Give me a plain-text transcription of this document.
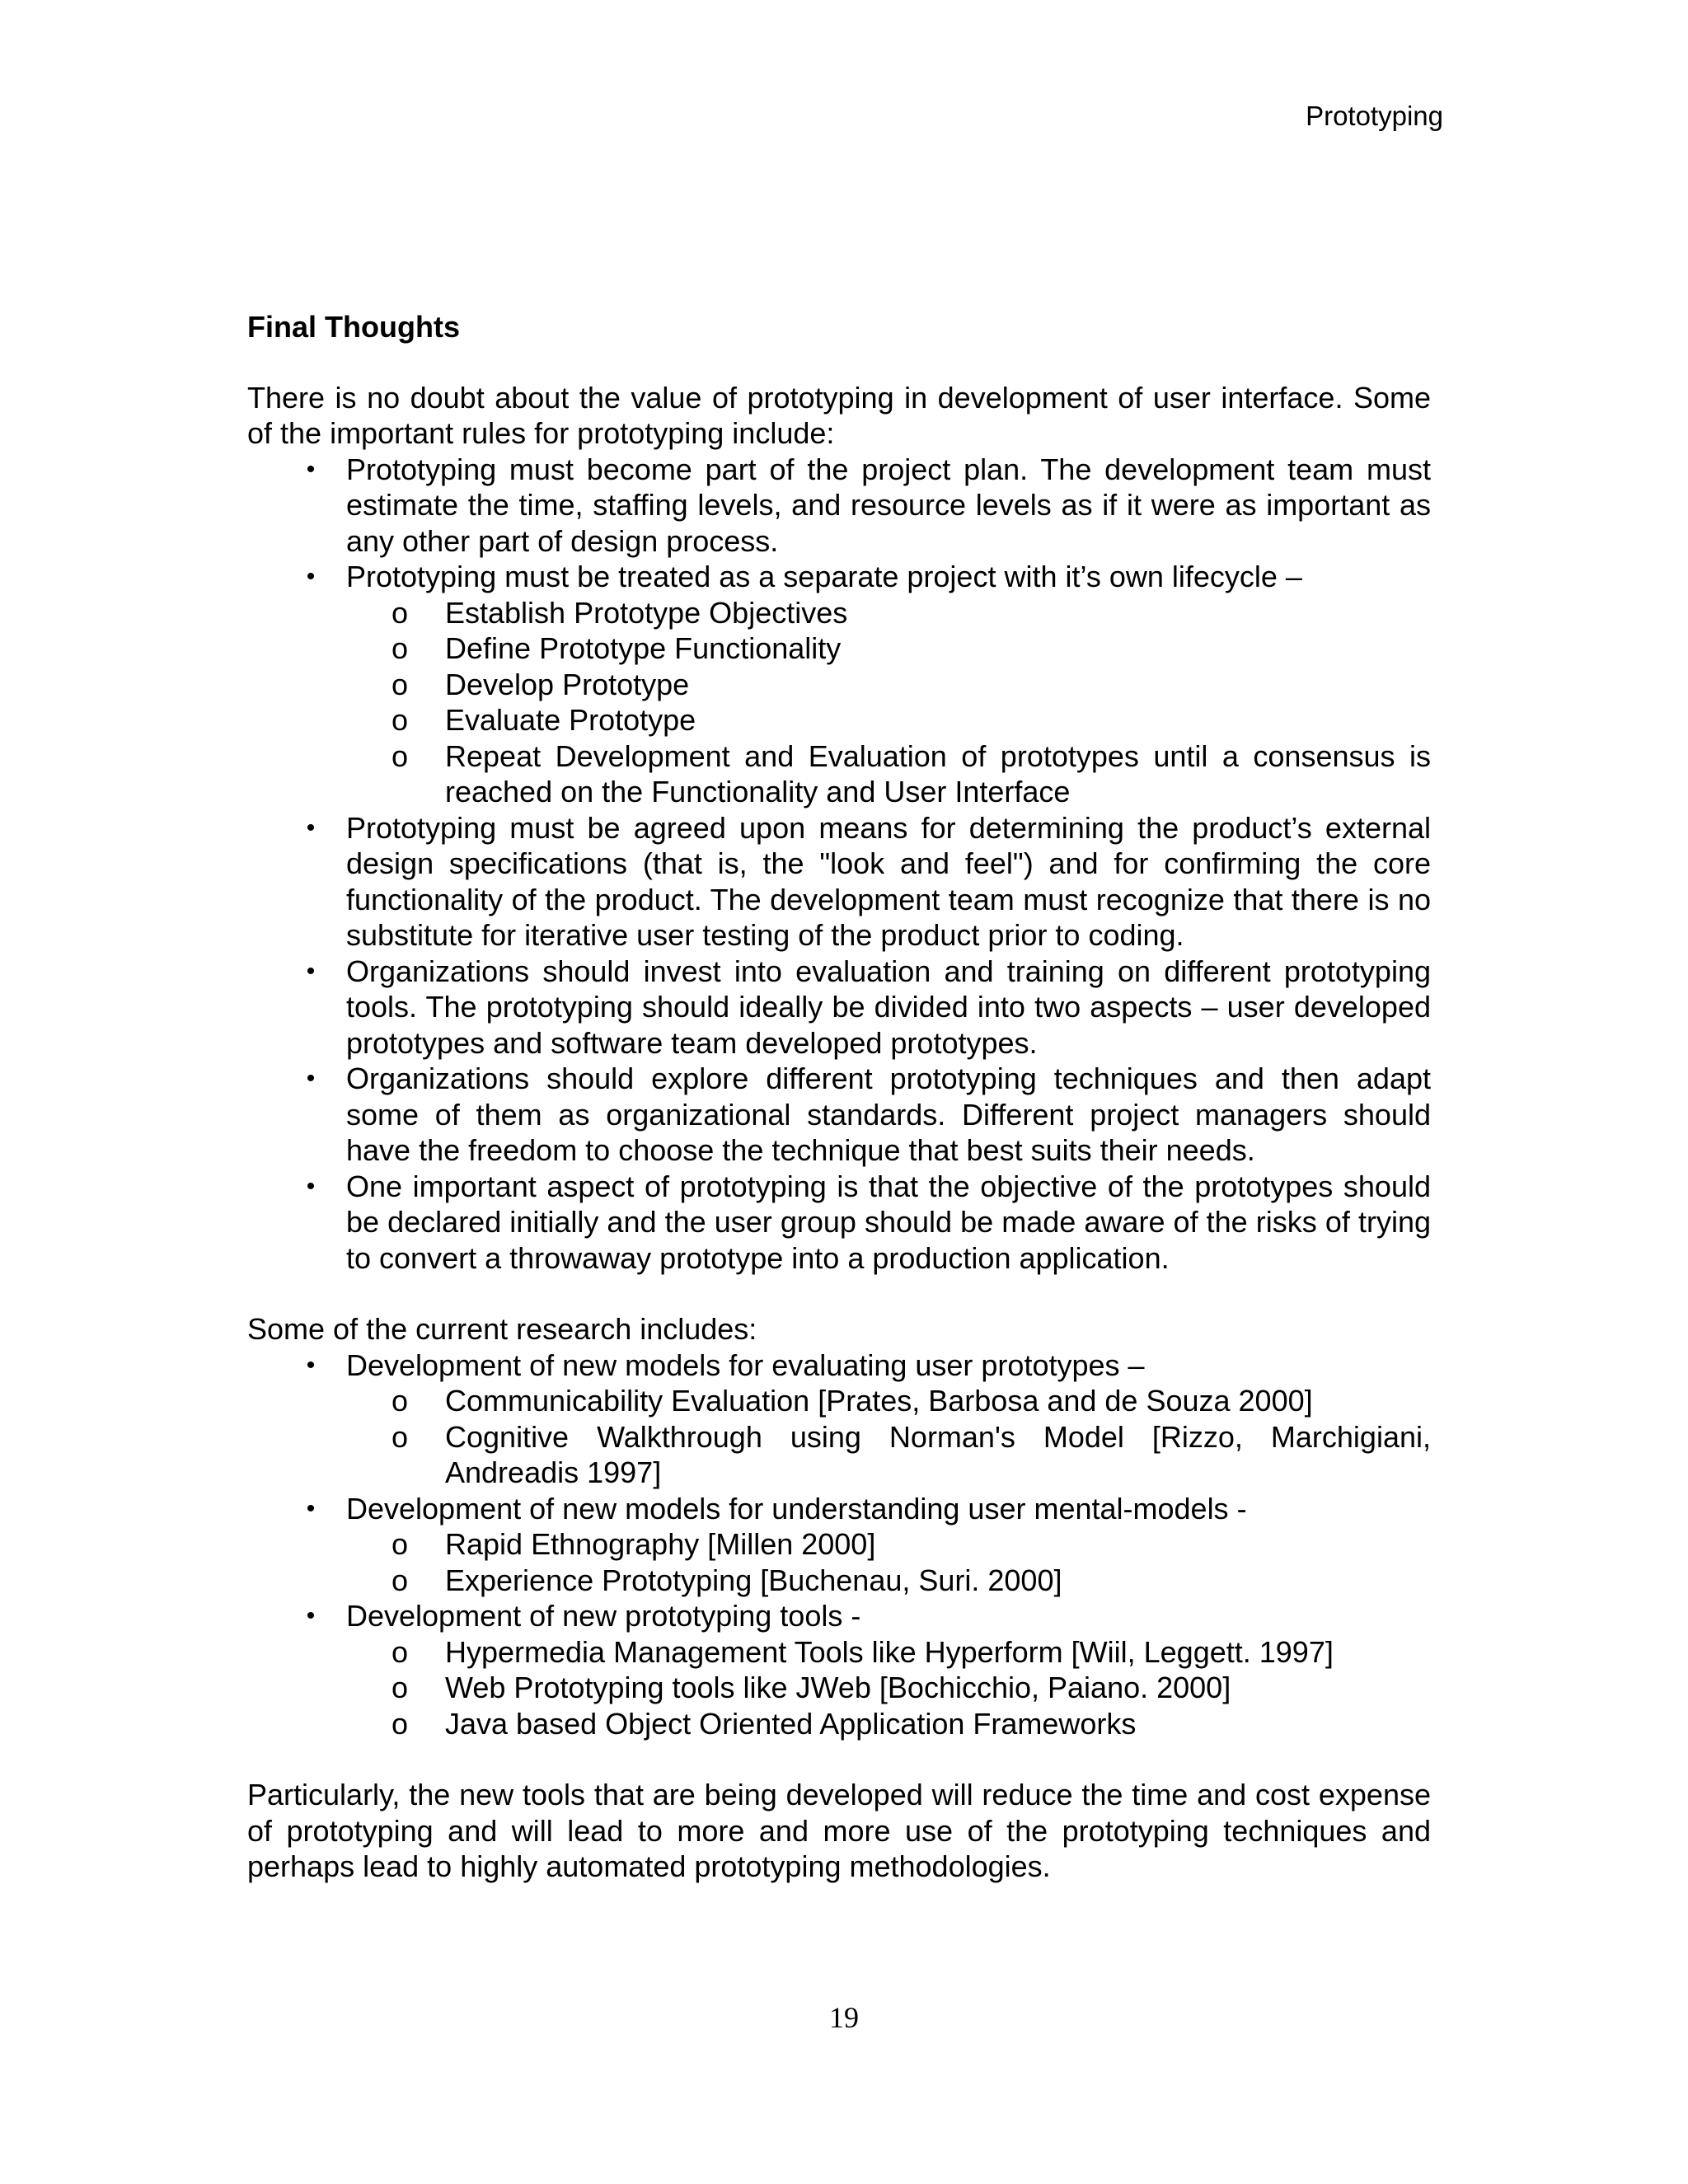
Prototyping
Final Thoughts

There is no doubt about the value of prototyping in development of user interface. Some of the important rules for prototyping include:

• Prototyping must become part of the project plan. The development team must estimate the time, staffing levels, and resource levels as if it were as important as any other part of design process.
• Prototyping must be treated as a separate project with it’s own lifecycle –
o Establish Prototype Objectives
o Define Prototype Functionality
o Develop Prototype
o Evaluate Prototype
o Repeat Development and Evaluation of prototypes until a consensus is reached on the Functionality and User Interface
• Prototyping must be agreed upon means for determining the product’s external design specifications (that is, the "look and feel") and for confirming the core functionality of the product. The development team must recognize that there is no substitute for iterative user testing of the product prior to coding.
• Organizations should invest into evaluation and training on different prototyping tools. The prototyping should ideally be divided into two aspects – user developed prototypes and software team developed prototypes.
• Organizations should explore different prototyping techniques and then adapt some of them as organizational standards. Different project managers should have the freedom to choose the technique that best suits their needs.
• One important aspect of prototyping is that the objective of the prototypes should be declared initially and the user group should be made aware of the risks of trying to convert a throwaway prototype into a production application.

Some of the current research includes:

• Development of new models for evaluating user prototypes –
o Communicability Evaluation [Prates, Barbosa and de Souza 2000]
o Cognitive Walkthrough using Norman's Model [Rizzo, Marchigiani, Andreadis 1997]
• Development of new models for understanding user mental-models -
o Rapid Ethnography [Millen 2000]
o Experience Prototyping [Buchenau, Suri. 2000]
• Development of new prototyping tools -
o Hypermedia Management Tools like Hyperform [Wiil, Leggett. 1997]
o Web Prototyping tools like JWeb [Bochicchio, Paiano. 2000]
o Java based Object Oriented Application Frameworks

Particularly, the new tools that are being developed will reduce the time and cost expense of prototyping and will lead to more and more use of the prototyping techniques and perhaps lead to highly automated prototyping methodologies.

19
